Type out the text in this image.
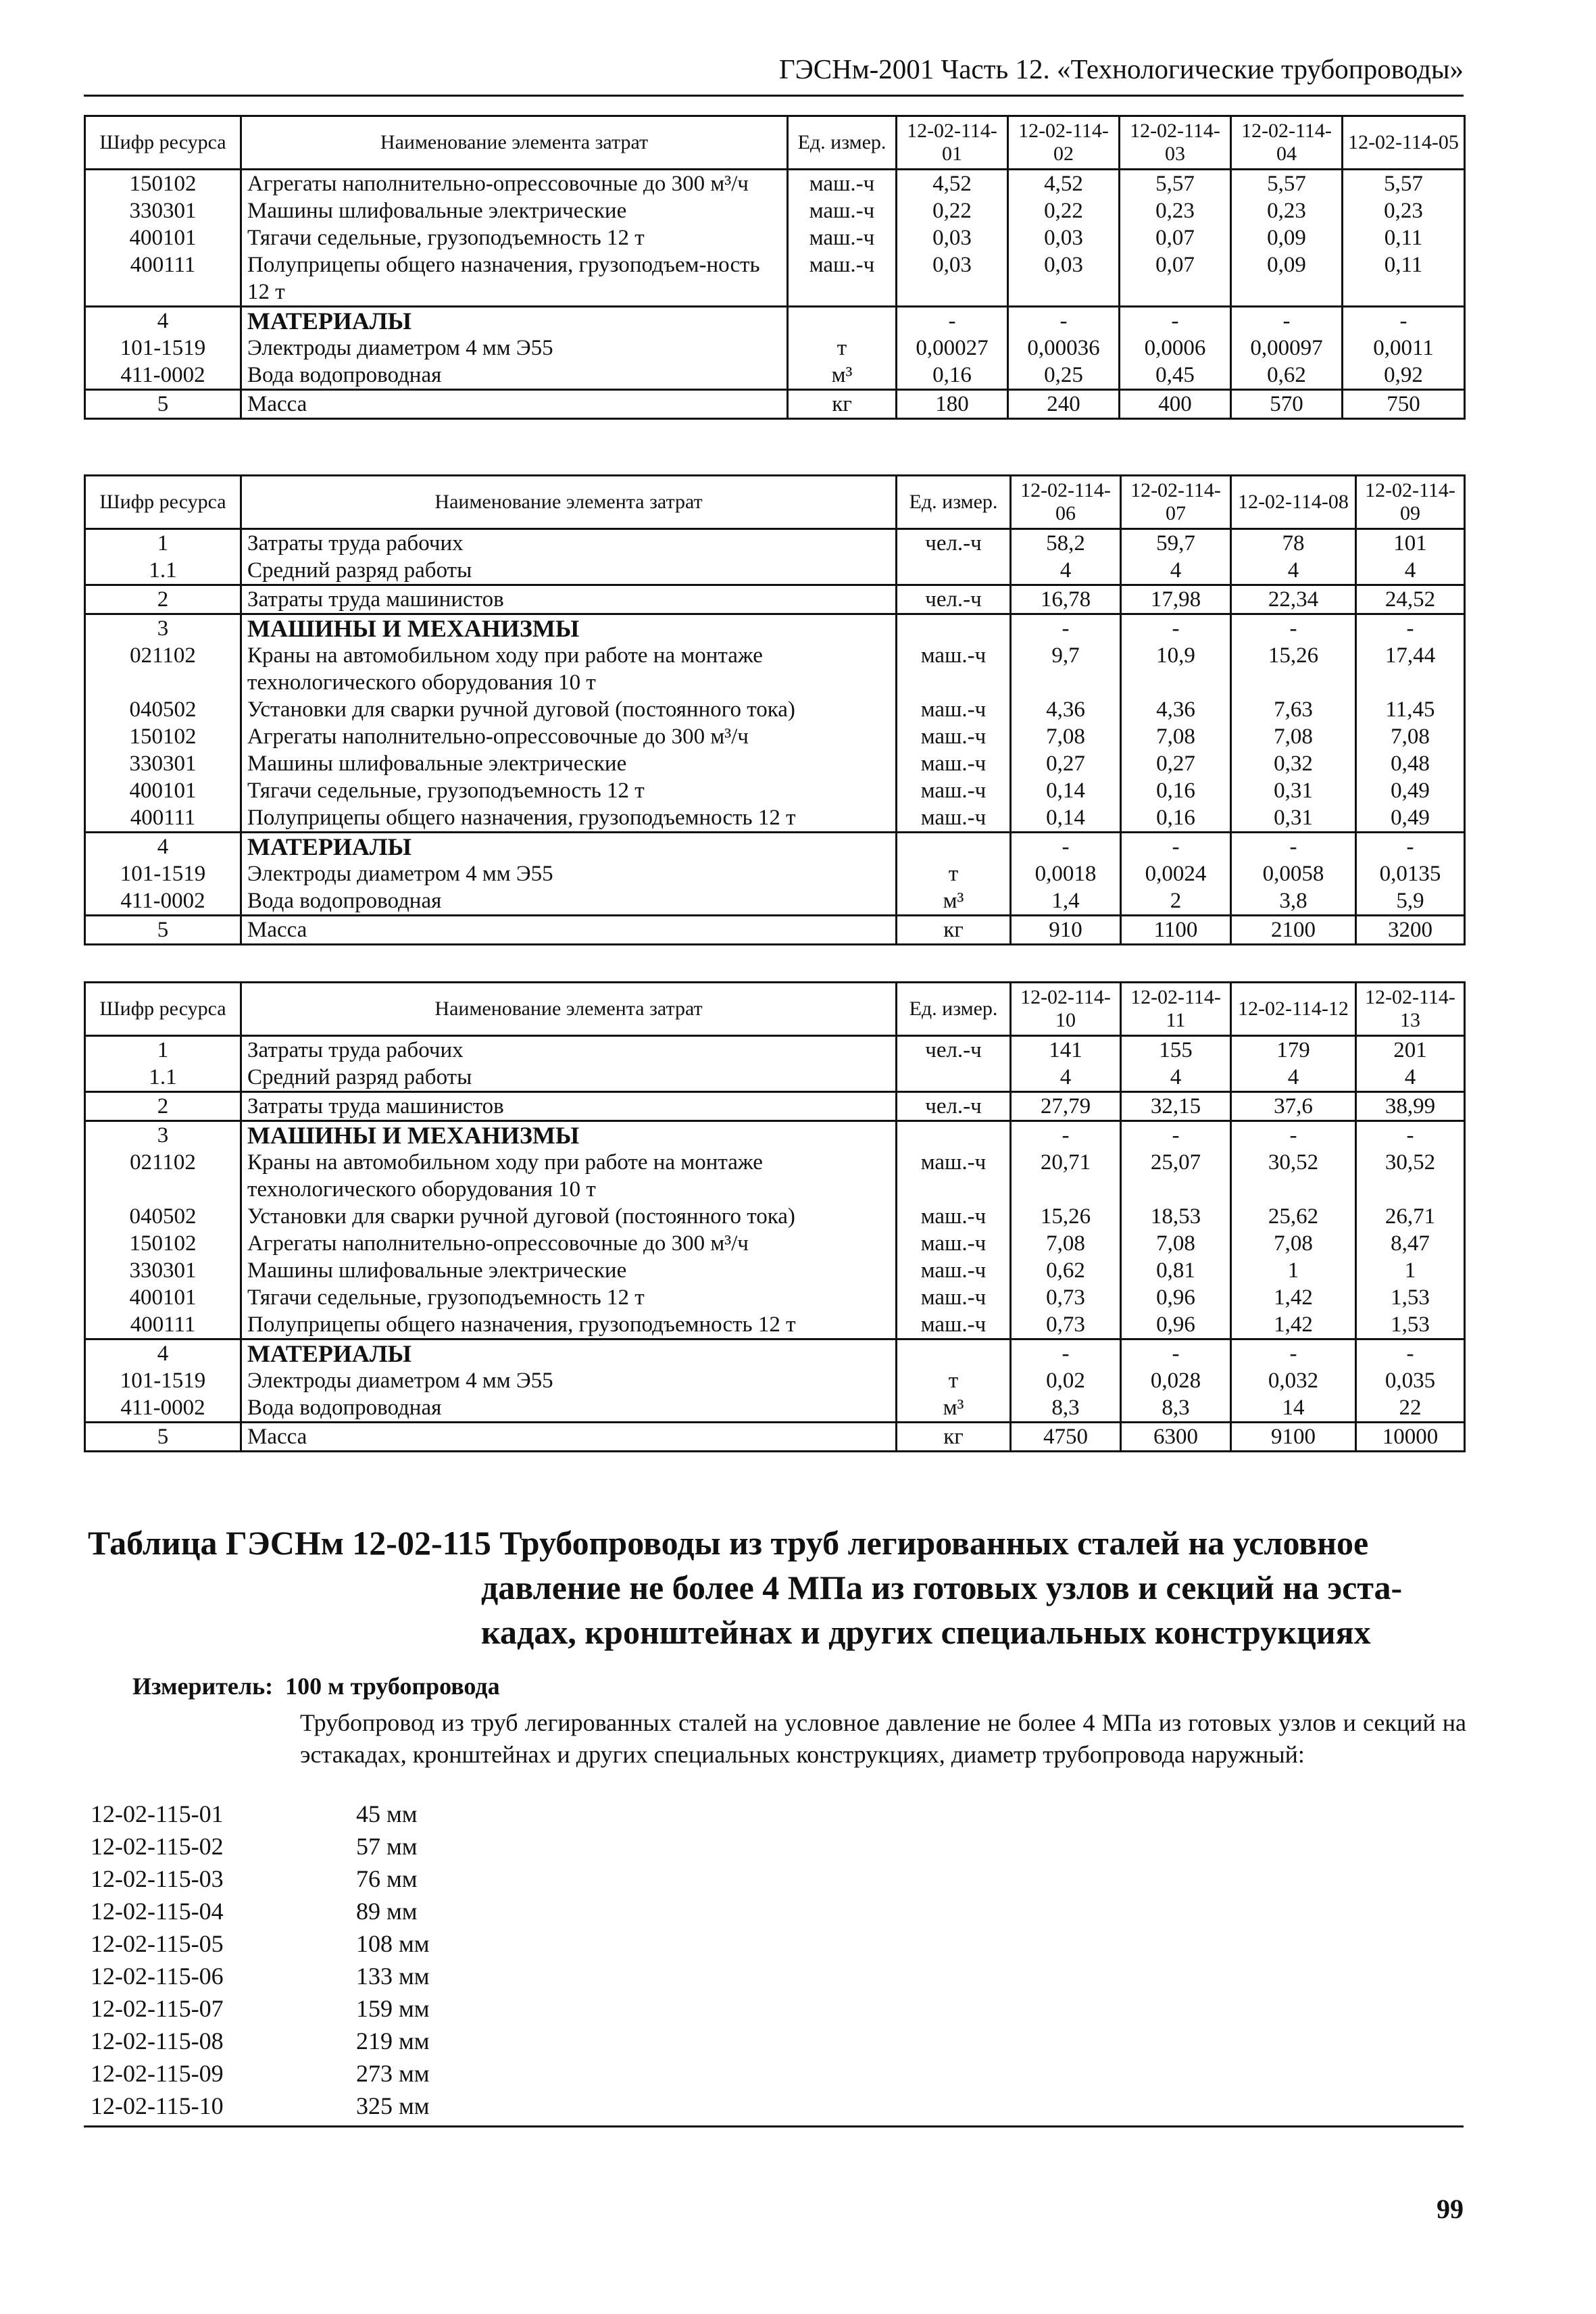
ГЭСНм-2001 Часть 12. «Технологические трубопроводы»
Шифр ресурса	Наименование элемента затрат	Ед. измер.	12-02-114-01	12-02-114-02	12-02-114-03	12-02-114-04	12-02-114-05
150102	Агрегаты наполнительно-опрессовочные до 300 м³/ч	маш.-ч	4,52	4,52	5,57	5,57	5,57
330301	Машины шлифовальные электрические	маш.-ч	0,22	0,22	0,23	0,23	0,23
400101	Тягачи седельные, грузоподъемность 12 т	маш.-ч	0,03	0,03	0,07	0,09	0,11
400111	Полуприцепы общего назначения, грузоподъем-ность 12 т	маш.-ч	0,03	0,03	0,07	0,09	0,11
4	МАТЕРИАЛЫ		-	-	-	-	-
101-1519	Электроды диаметром 4 мм Э55	т	0,00027	0,00036	0,0006	0,00097	0,0011
411-0002	Вода водопроводная	м³	0,16	0,25	0,45	0,62	0,92
5	Масса	кг	180	240	400	570	750
Шифр ресурса	Наименование элемента затрат	Ед. измер.	12-02-114-06	12-02-114-07	12-02-114-08	12-02-114-09
1	Затраты труда рабочих	чел.-ч	58,2	59,7	78	101
1.1	Средний разряд работы		4	4	4	4
2	Затраты труда машинистов	чел.-ч	16,78	17,98	22,34	24,52
3	МАШИНЫ И МЕХАНИЗМЫ		-	-	-	-
021102	Краны на автомобильном ходу при работе на монтаже технологического оборудования 10 т	маш.-ч	9,7	10,9	15,26	17,44
040502	Установки для сварки ручной дуговой (постоянного тока)	маш.-ч	4,36	4,36	7,63	11,45
150102	Агрегаты наполнительно-опрессовочные до 300 м³/ч	маш.-ч	7,08	7,08	7,08	7,08
330301	Машины шлифовальные электрические	маш.-ч	0,27	0,27	0,32	0,48
400101	Тягачи седельные, грузоподъемность 12 т	маш.-ч	0,14	0,16	0,31	0,49
400111	Полуприцепы общего назначения, грузоподъемность 12 т	маш.-ч	0,14	0,16	0,31	0,49
4	МАТЕРИАЛЫ		-	-	-	-
101-1519	Электроды диаметром 4 мм Э55	т	0,0018	0,0024	0,0058	0,0135
411-0002	Вода водопроводная	м³	1,4	2	3,8	5,9
5	Масса	кг	910	1100	2100	3200
Шифр ресурса	Наименование элемента затрат	Ед. измер.	12-02-114-10	12-02-114-11	12-02-114-12	12-02-114-13
1	Затраты труда рабочих	чел.-ч	141	155	179	201
1.1	Средний разряд работы		4	4	4	4
2	Затраты труда машинистов	чел.-ч	27,79	32,15	37,6	38,99
3	МАШИНЫ И МЕХАНИЗМЫ		-	-	-	-
021102	Краны на автомобильном ходу при работе на монтаже технологического оборудования 10 т	маш.-ч	20,71	25,07	30,52	30,52
040502	Установки для сварки ручной дуговой (постоянного тока)	маш.-ч	15,26	18,53	25,62	26,71
150102	Агрегаты наполнительно-опрессовочные до 300 м³/ч	маш.-ч	7,08	7,08	7,08	8,47
330301	Машины шлифовальные электрические	маш.-ч	0,62	0,81	1	1
400101	Тягачи седельные, грузоподъемность 12 т	маш.-ч	0,73	0,96	1,42	1,53
400111	Полуприцепы общего назначения, грузоподъемность 12 т	маш.-ч	0,73	0,96	1,42	1,53
4	МАТЕРИАЛЫ		-	-	-	-
101-1519	Электроды диаметром 4 мм Э55	т	0,02	0,028	0,032	0,035
411-0002	Вода водопроводная	м³	8,3	8,3	14	22
5	Масса	кг	4750	6300	9100	10000
Таблица ГЭСНм 12-02-115 Трубопроводы из труб легированных сталей на условное
давление не более 4 МПа из готовых узлов и секций на эста-
кадах, кронштейнах и других специальных конструкциях
Измеритель: 100 м трубопровода
Трубопровод из труб легированных сталей на условное давление не более 4 МПа из готовых узлов и секций на эстакадах, кронштейнах и других специальных конструкциях, диаметр трубопровода наружный:
12-02-115-01	45 мм
12-02-115-02	57 мм
12-02-115-03	76 мм
12-02-115-04	89 мм
12-02-115-05	108 мм
12-02-115-06	133 мм
12-02-115-07	159 мм
12-02-115-08	219 мм
12-02-115-09	273 мм
12-02-115-10	325 мм
99
